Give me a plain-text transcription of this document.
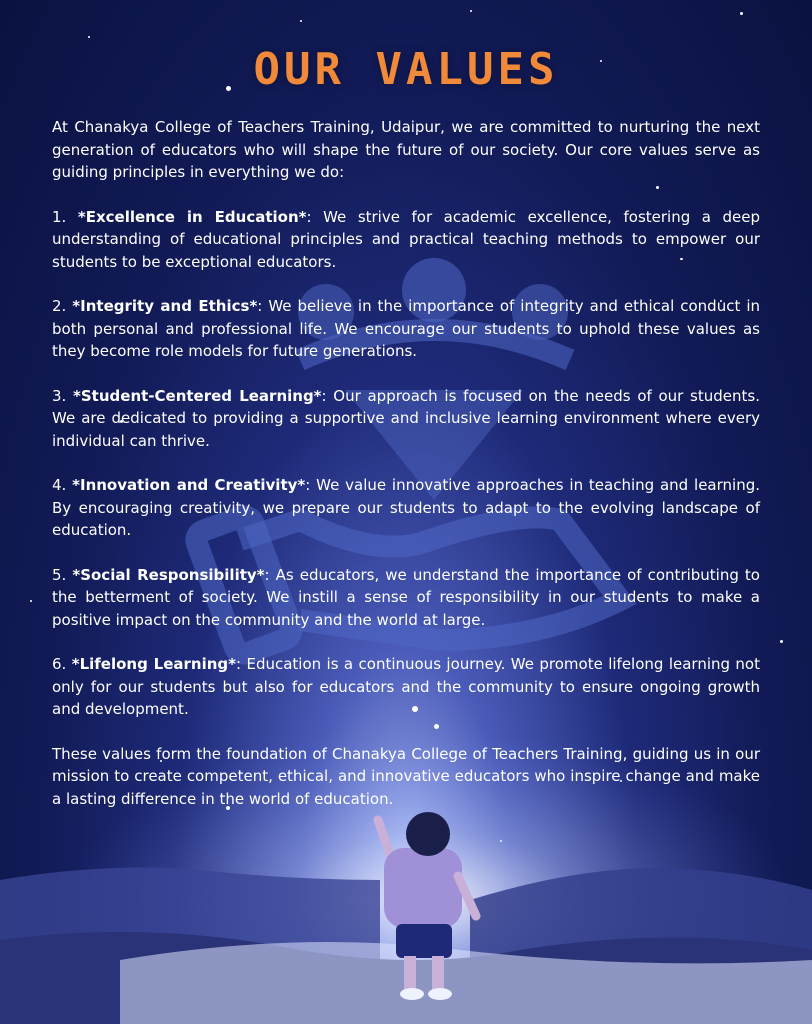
OUR VALUES

At Chanakya College of Teachers Training, Udaipur, we are committed to nurturing the next generation of educators who will shape the future of our society. Our core values serve as guiding principles in everything we do:

1. *Excellence in Education*: We strive for academic excellence, fostering a deep understanding of educational principles and practical teaching methods to empower our students to be exceptional educators.

2. *Integrity and Ethics*: We believe in the importance of integrity and ethical conduct in both personal and professional life. We encourage our students to uphold these values as they become role models for future generations.

3. *Student-Centered Learning*: Our approach is focused on the needs of our students. We are dedicated to providing a supportive and inclusive learning environment where every individual can thrive.

4. *Innovation and Creativity*: We value innovative approaches in teaching and learning. By encouraging creativity, we prepare our students to adapt to the evolving landscape of education.

5. *Social Responsibility*: As educators, we understand the importance of contributing to the betterment of society. We instill a sense of responsibility in our students to make a positive impact on the community and the world at large.

6. *Lifelong Learning*: Education is a continuous journey. We promote lifelong learning not only for our students but also for educators and the community to ensure ongoing growth and development.

These values form the foundation of Chanakya College of Teachers Training, guiding us in our mission to create competent, ethical, and innovative educators who inspire change and make a lasting difference in the world of education.
